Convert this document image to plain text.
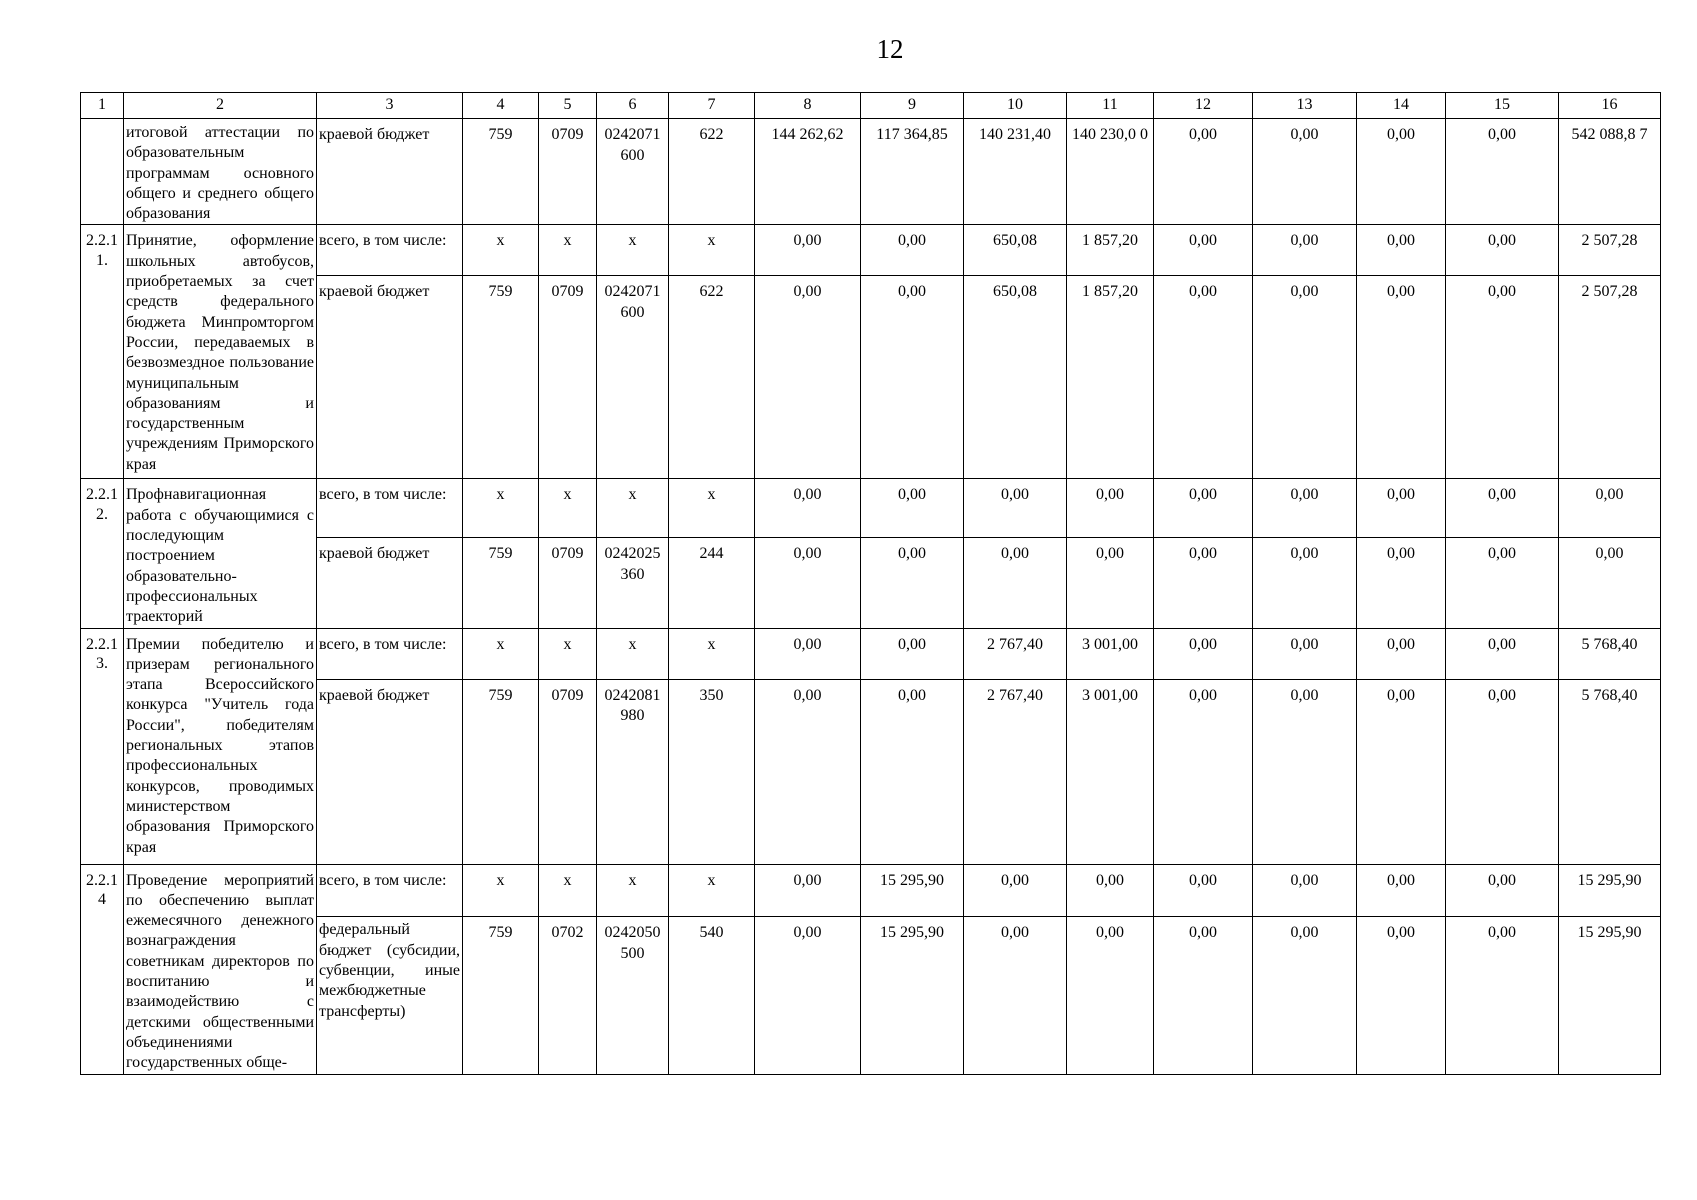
12
1	2	3	4	5	6	7	8	9	10	11	12	13	14	15	16
	итоговой аттестации по образовательным программам основного общего и среднего общего образования	краевой бюджет	759	0709	0242071 600	622	144 262,62	117 364,85	140 231,40	140 230,0 0	0,00	0,00	0,00	0,00	542 088,8 7
2.2.1 1.	Принятие, оформление школьных автобусов, приобретаемых за счет средств федерального бюджета Минпромторгом России, передаваемых в безвозмездное пользование муниципальным образованиям и государственным учреждениям Приморского края	всего, в том числе:	x	x	x	x	0,00	0,00	650,08	1 857,20	0,00	0,00	0,00	0,00	2 507,28
		краевой бюджет	759	0709	0242071 600	622	0,00	0,00	650,08	1 857,20	0,00	0,00	0,00	0,00	2 507,28
2.2.1 2.	Профнавигационная работа с обучающимися с последующим построением образовательно-профессиональных траекторий	всего, в том числе:	x	x	x	x	0,00	0,00	0,00	0,00	0,00	0,00	0,00	0,00	0,00
		краевой бюджет	759	0709	0242025 360	244	0,00	0,00	0,00	0,00	0,00	0,00	0,00	0,00	0,00
2.2.1 3.	Премии победителю и призерам регионального этапа Всероссийского конкурса "Учитель года России", победителям региональных этапов профессиональных конкурсов, проводимых министерством образования Приморского края	всего, в том числе:	x	x	x	x	0,00	0,00	2 767,40	3 001,00	0,00	0,00	0,00	0,00	5 768,40
		краевой бюджет	759	0709	0242081 980	350	0,00	0,00	2 767,40	3 001,00	0,00	0,00	0,00	0,00	5 768,40
2.2.1 4	Проведение мероприятий по обеспечению выплат ежемесячного денежного вознаграждения советникам директоров по воспитанию и взаимодействию с детскими общественными объединениями государственных обще-	всего, в том числе:	x	x	x	x	0,00	15 295,90	0,00	0,00	0,00	0,00	0,00	0,00	15 295,90
		федеральный бюджет (субсидии, субвенции, иные межбюджетные трансферты)	759	0702	0242050 500	540	0,00	15 295,90	0,00	0,00	0,00	0,00	0,00	0,00	15 295,90
